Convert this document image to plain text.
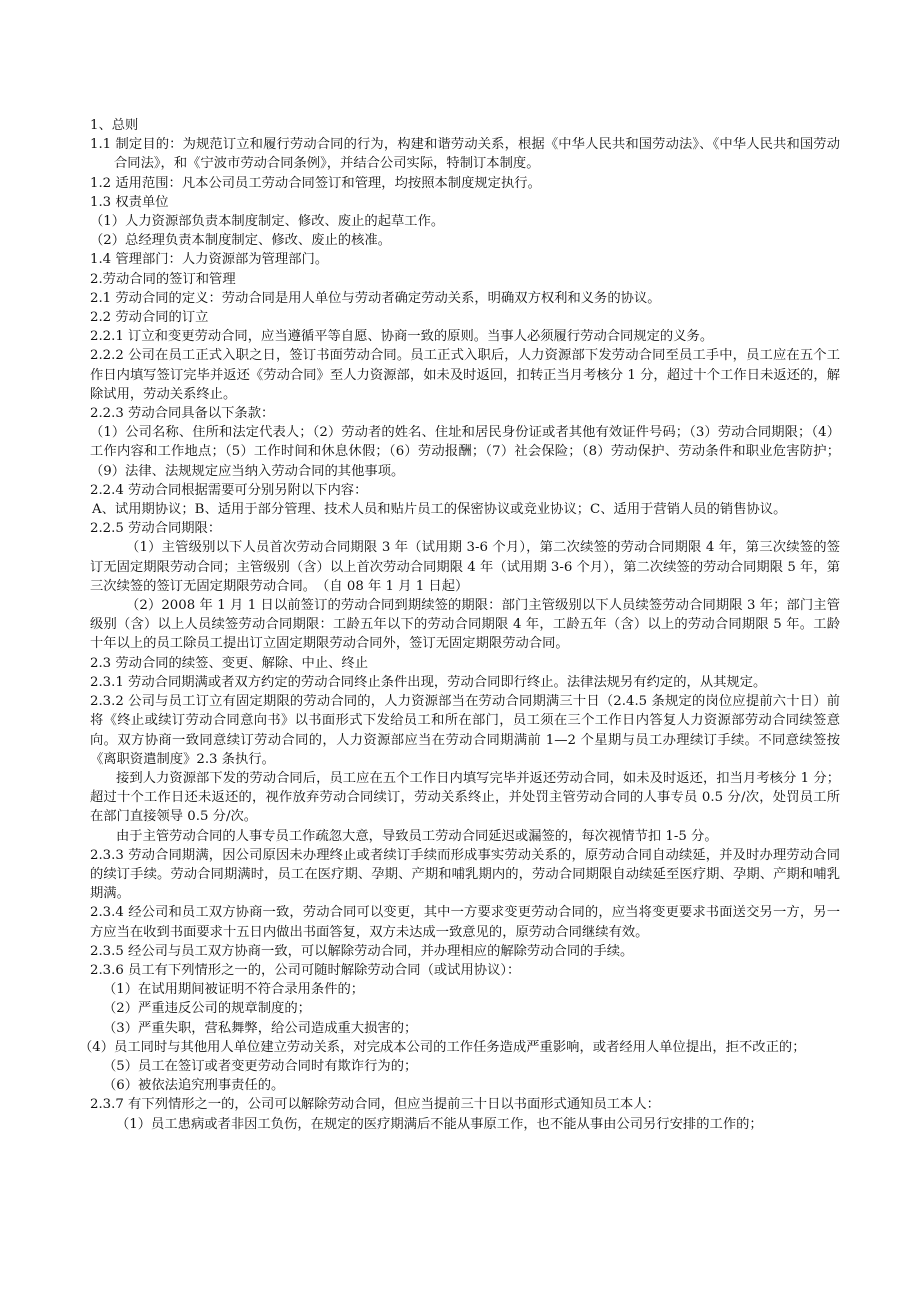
1、总则

1.1 制定目的：为规范订立和履行劳动合同的行为，构建和谐劳动关系，根据《中华人民共和国劳动法》、《中华人民共和国劳动合同法》，和《宁波市劳动合同条例》，并结合公司实际，特制订本制度。

1.2 适用范围：凡本公司员工劳动合同签订和管理，均按照本制度规定执行。

1.3 权责单位

（1）人力资源部负责本制度制定、修改、废止的起草工作。

（2）总经理负责本制度制定、修改、废止的核准。

1.4 管理部门：人力资源部为管理部门。

2.劳动合同的签订和管理

2.1 劳动合同的定义：劳动合同是用人单位与劳动者确定劳动关系，明确双方权利和义务的协议。

2.2 劳动合同的订立

2.2.1 订立和变更劳动合同，应当遵循平等自愿、协商一致的原则。当事人必须履行劳动合同规定的义务。

2.2.2 公司在员工正式入职之日，签订书面劳动合同。员工正式入职后，人力资源部下发劳动合同至员工手中，员工应在五个工作日内填写签订完毕并返还《劳动合同》至人力资源部，如未及时返回，扣转正当月考核分 1 分，超过十个工作日未返还的，解除试用，劳动关系终止。

2.2.3 劳动合同具备以下条款：

（1）公司名称、住所和法定代表人；（2）劳动者的姓名、住址和居民身份证或者其他有效证件号码；（3）劳动合同期限；（4）工作内容和工作地点；（5）工作时间和休息休假；（6）劳动报酬；（7）社会保险；（8）劳动保护、劳动条件和职业危害防护；（9）法律、法规规定应当纳入劳动合同的其他事项。

2.2.4 劳动合同根据需要可分别另附以下内容：

A、试用期协议；B、适用于部分管理、技术人员和贴片员工的保密协议或竞业协议；C、适用于营销人员的销售协议。

2.2.5 劳动合同期限：

（1）主管级别以下人员首次劳动合同期限 3 年（试用期 3-6 个月），第二次续签的劳动合同期限 4 年，第三次续签的签订无固定期限劳动合同；主管级别（含）以上首次劳动合同期限 4 年（试用期 3-6 个月），第二次续签的劳动合同期限 5 年，第三次续签的签订无固定期限劳动合同。　（自 08 年 1 月 1 日起）

（2）2008 年 1 月 1 日以前签订的劳动合同到期续签的期限：部门主管级别以下人员续签劳动合同期限 3 年；部门主管级别（含）以上人员续签劳动合同期限：工龄五年以下的劳动合同期限 4 年，工龄五年（含）以上的劳动合同期限 5 年。工龄十年以上的员工除员工提出订立固定期限劳动合同外，签订无固定期限劳动合同。

2.3 劳动合同的续签、变更、解除、中止、终止

2.3.1 劳动合同期满或者双方约定的劳动合同终止条件出现，劳动合同即行终止。法律法规另有约定的，从其规定。

2.3.2 公司与员工订立有固定期限的劳动合同的，人力资源部当在劳动合同期满三十日（2.4.5 条规定的岗位应提前六十日）前将《终止或续订劳动合同意向书》以书面形式下发给员工和所在部门，员工须在三个工作日内答复人力资源部劳动合同续签意向。双方协商一致同意续订劳动合同的，人力资源部应当在劳动合同期满前 1—2 个星期与员工办理续订手续。不同意续签按《离职资遣制度》2.3 条执行。

接到人力资源部下发的劳动合同后，员工应在五个工作日内填写完毕并返还劳动合同，如未及时返还，扣当月考核分 1 分；超过十个工作日还未返还的，视作放弃劳动合同续订，劳动关系终止，并处罚主管劳动合同的人事专员 0.5 分/次，处罚员工所在部门直接领导 0.5 分/次。

由于主管劳动合同的人事专员工作疏忽大意，导致员工劳动合同延迟或漏签的，每次视情节扣 1-5 分。

2.3.3 劳动合同期满，因公司原因未办理终止或者续订手续而形成事实劳动关系的，原劳动合同自动续延，并及时办理劳动合同的续订手续。劳动合同期满时，员工在医疗期、孕期、产期和哺乳期内的，劳动合同期限自动续延至医疗期、孕期、产期和哺乳期满。

2.3.4 经公司和员工双方协商一致，劳动合同可以变更，其中一方要求变更劳动合同的，应当将变更要求书面送交另一方，另一方应当在收到书面要求十五日内做出书面答复，双方未达成一致意见的，原劳动合同继续有效。

2.3.5 经公司与员工双方协商一致，可以解除劳动合同，并办理相应的解除劳动合同的手续。

2.3.6 员工有下列情形之一的，公司可随时解除劳动合同（或试用协议）：

（1）在试用期间被证明不符合录用条件的；

（2）严重违反公司的规章制度的；

（3）严重失职，营私舞弊，给公司造成重大损害的；

（4）员工同时与其他用人单位建立劳动关系，对完成本公司的工作任务造成严重影响，或者经用人单位提出，拒不改正的；

（5）员工在签订或者变更劳动合同时有欺诈行为的；

（6）被依法追究刑事责任的。

2.3.7 有下列情形之一的，公司可以解除劳动合同，但应当提前三十日以书面形式通知员工本人：

（1）员工患病或者非因工负伤，在规定的医疗期满后不能从事原工作，也不能从事由公司另行安排的工作的；
